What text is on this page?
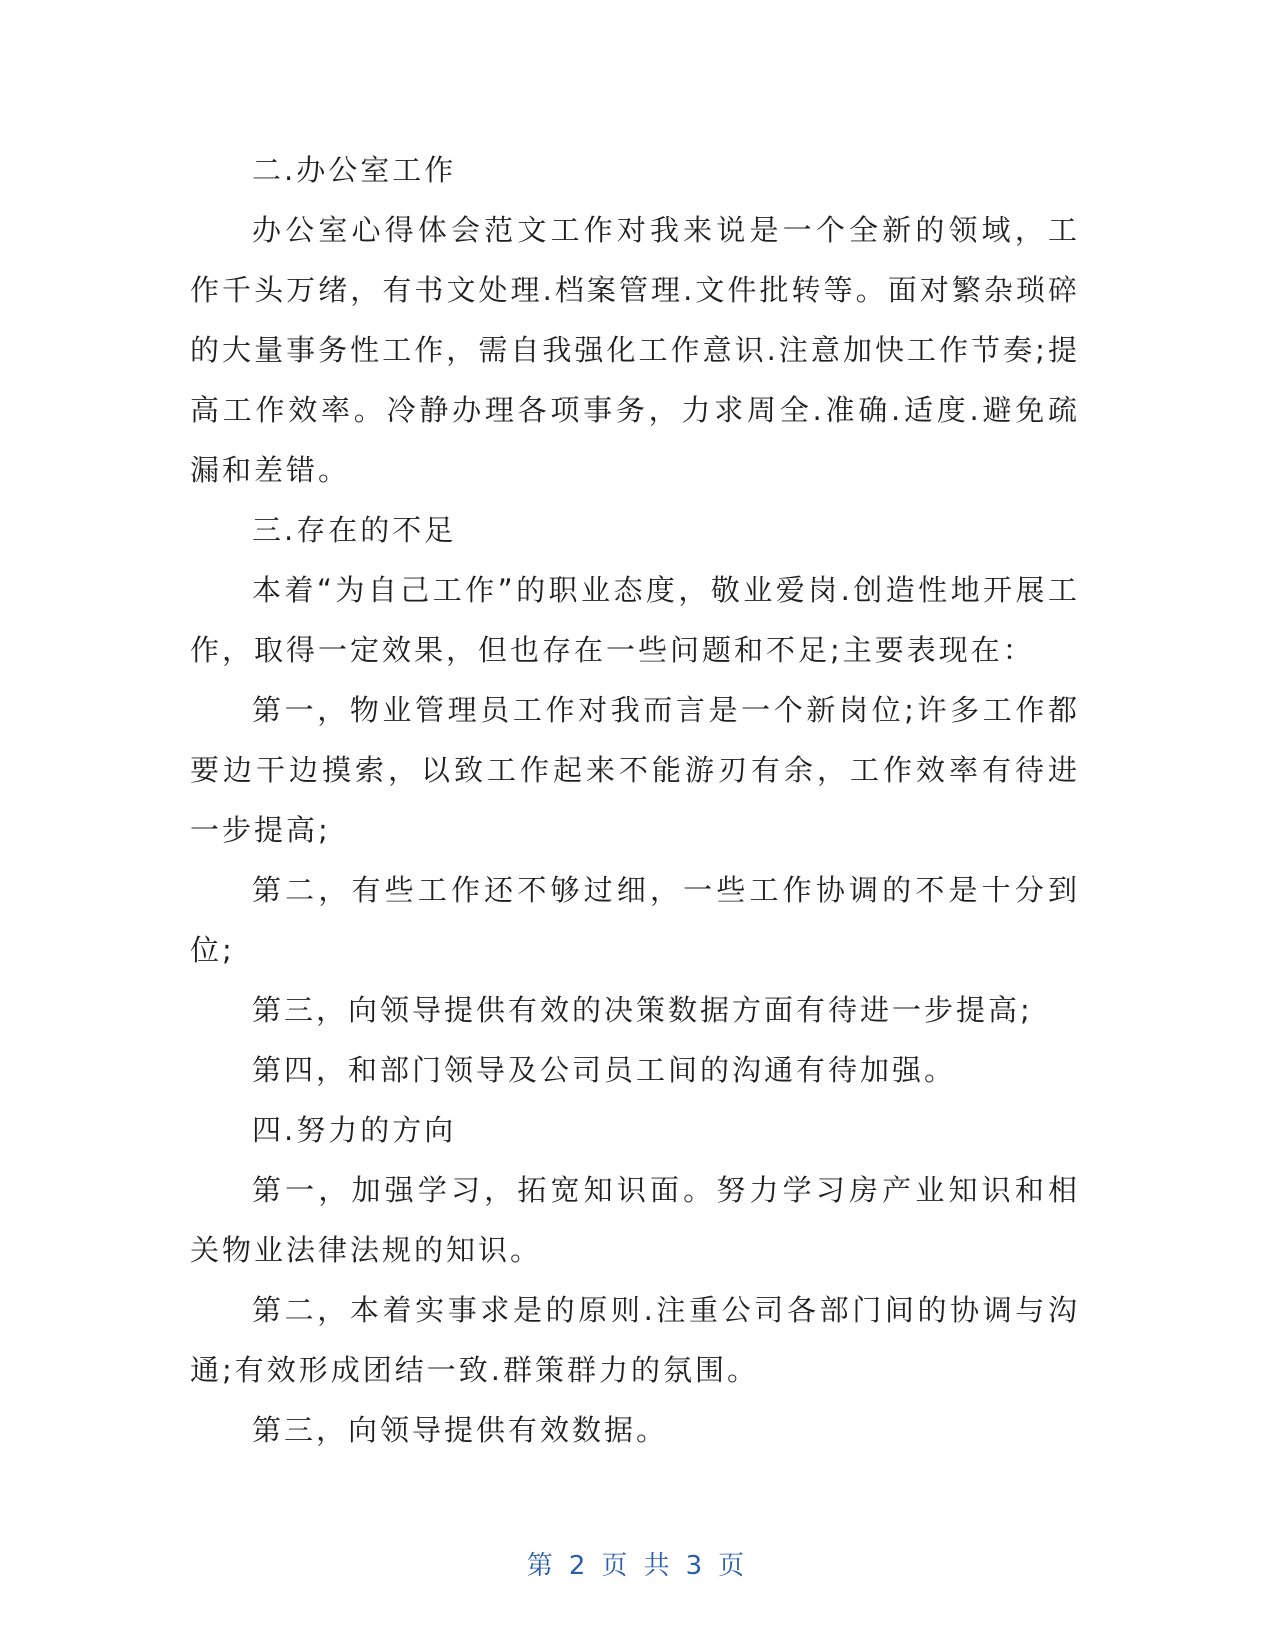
二.办公室工作

办公室心得体会范文工作对我来说是一个全新的领域，工作千头万绪，有书文处理.档案管理.文件批转等。面对繁杂琐碎的大量事务性工作，需自我强化工作意识.注意加快工作节奏;提高工作效率。冷静办理各项事务，力求周全.准确.适度.避免疏漏和差错。

三.存在的不足

本着“为自己工作”的职业态度，敬业爱岗.创造性地开展工作，取得一定效果，但也存在一些问题和不足;主要表现在：

第一，物业管理员工作对我而言是一个新岗位;许多工作都要边干边摸索，以致工作起来不能游刃有余，工作效率有待进一步提高;

第二，有些工作还不够过细，一些工作协调的不是十分到位;

第三，向领导提供有效的决策数据方面有待进一步提高;

第四，和部门领导及公司员工间的沟通有待加强。

四.努力的方向

第一，加强学习，拓宽知识面。努力学习房产业知识和相关物业法律法规的知识。

第二，本着实事求是的原则.注重公司各部门间的协调与沟通;有效形成团结一致.群策群力的氛围。

第三，向领导提供有效数据。

第 2 页 共 3 页
